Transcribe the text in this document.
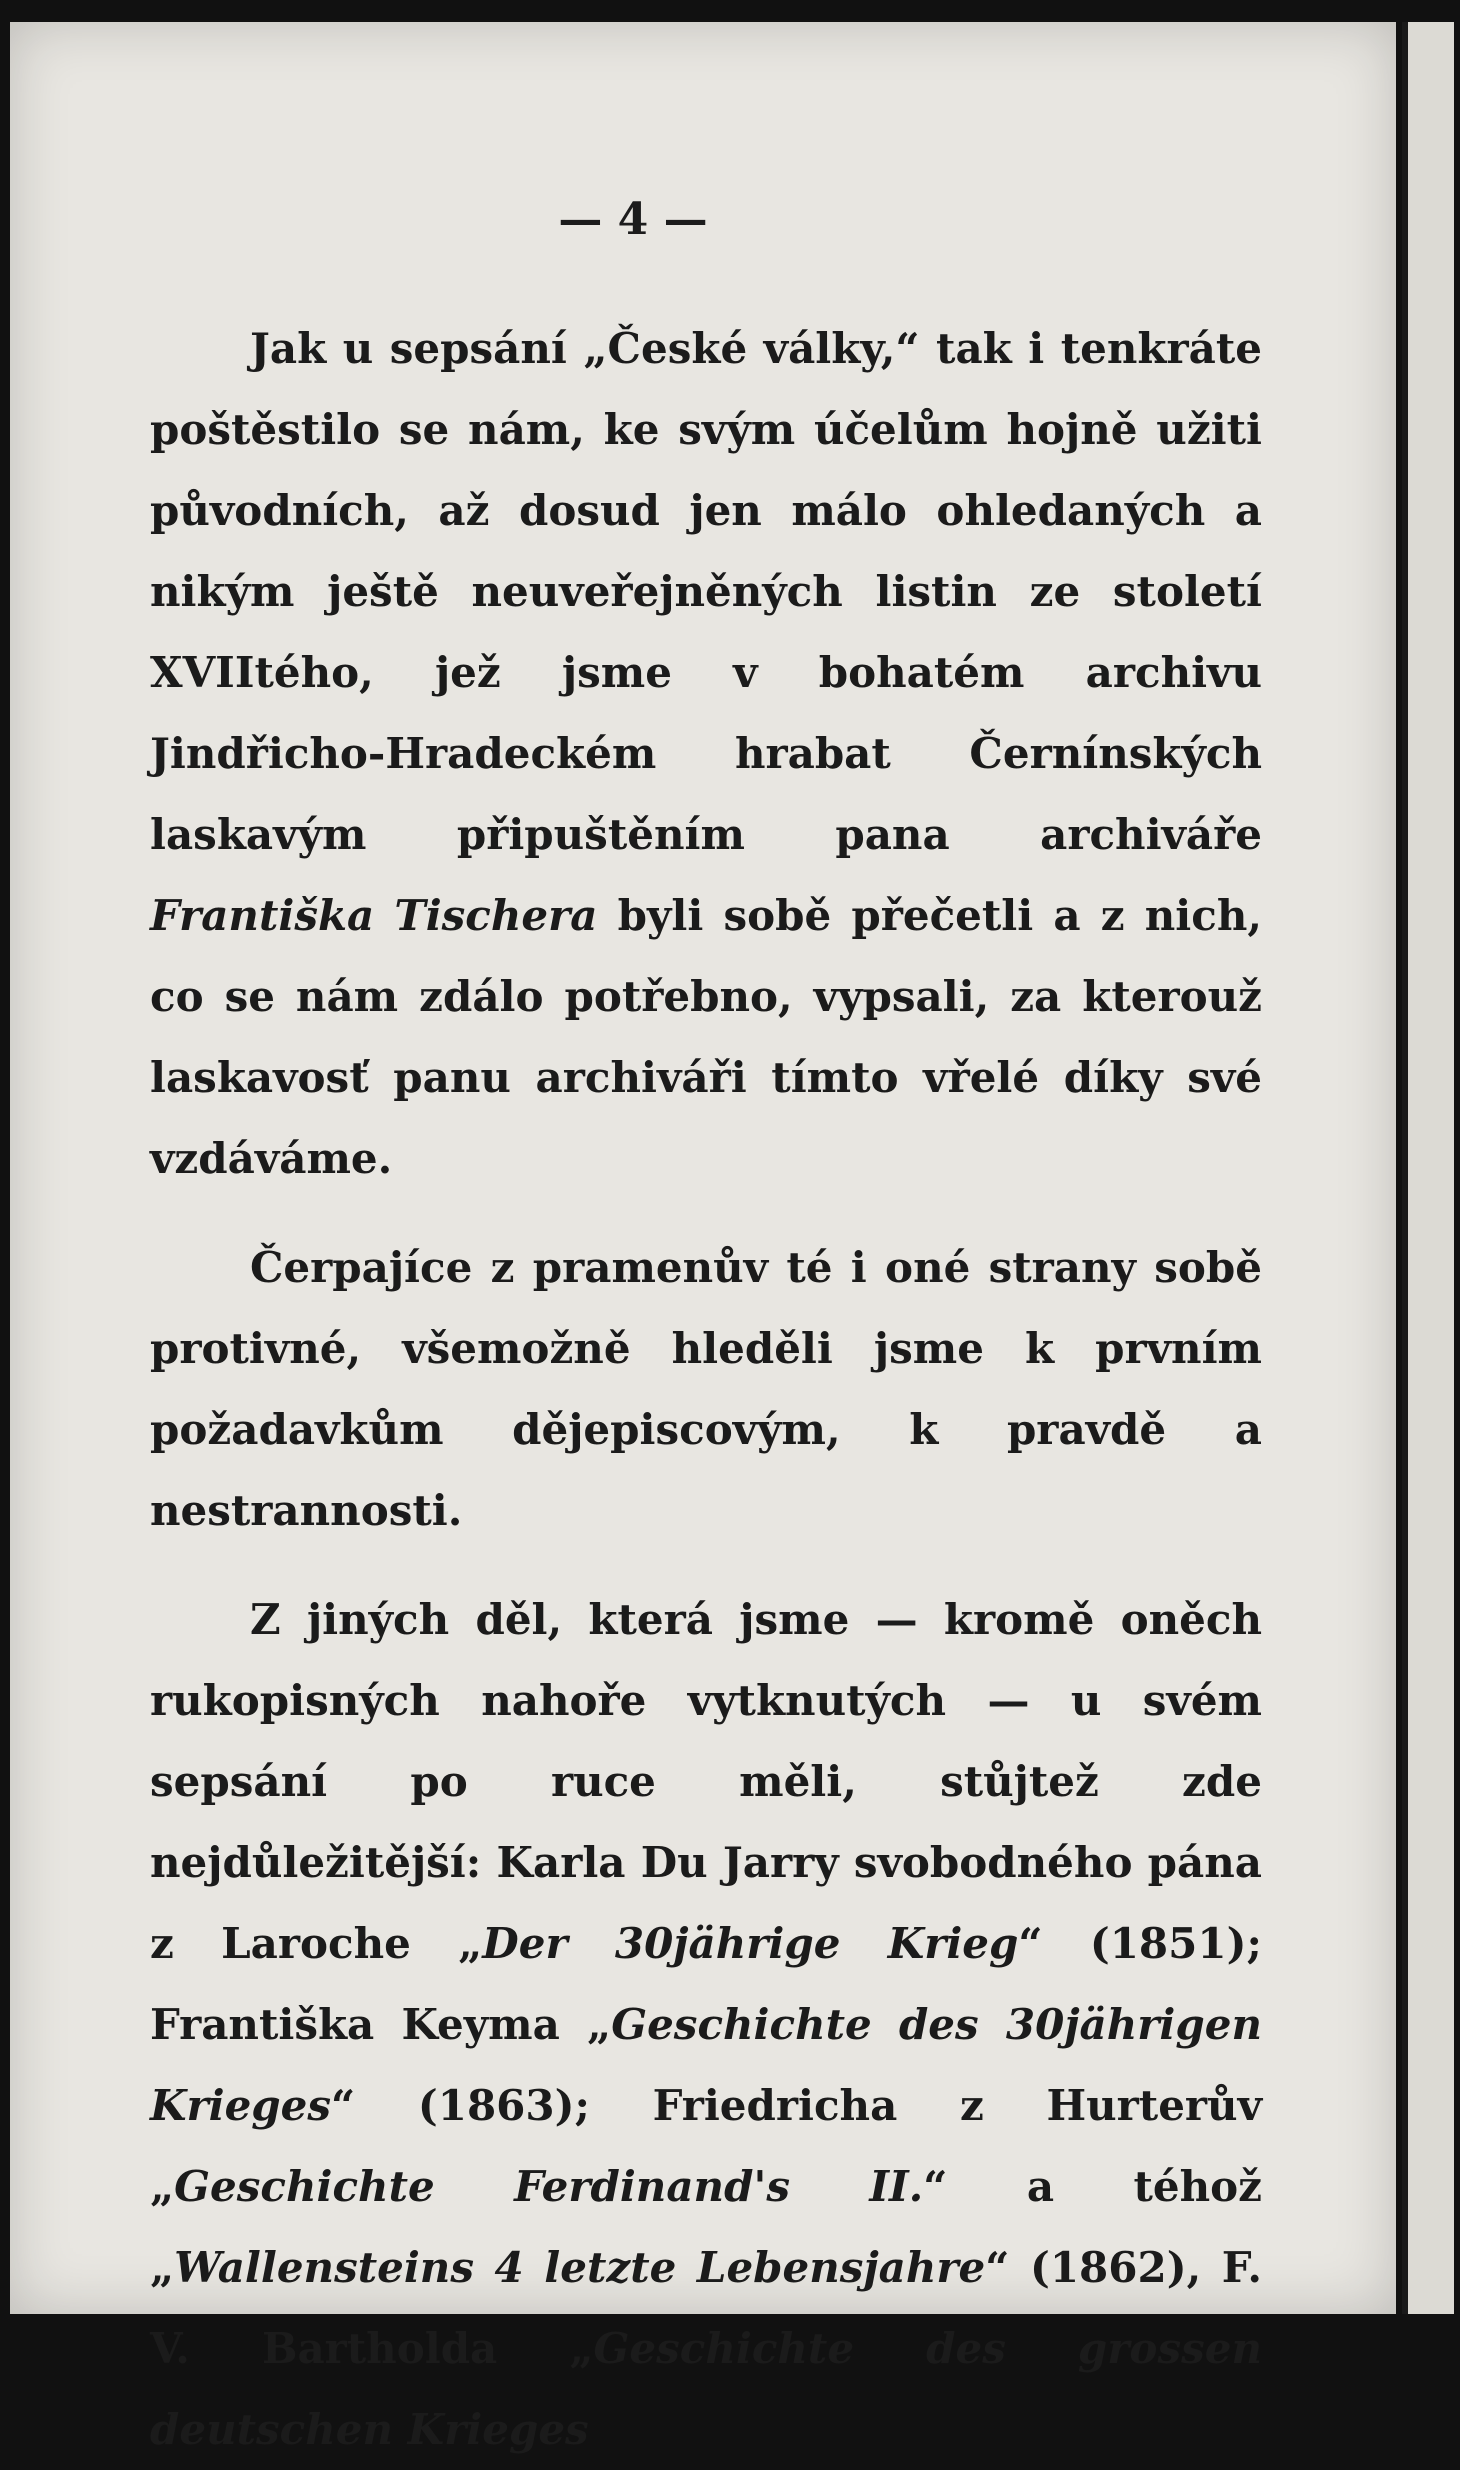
— 4 —

Jak u sepsání „České války,“ tak i tenkráte poštěstilo se nám, ke svým účelům hojně užiti původních, až dosud jen málo ohledaných a nikým ještě neuveřejněných listin ze století XVIItého, jež jsme v bohatém archivu Jindřicho-Hradeckém hrabat Černínských laskavým připuštěním pana archiváře Františka Tischera byli sobě přečetli a z nich, co se nám zdálo potřebno, vypsali, za kterouž laskavosť panu archiváři tímto vřelé díky své vzdáváme.

Čerpajíce z pramenův té i oné strany sobě protivné, všemožně hleděli jsme k prvním požadavkům dějepiscovým, k pravdě a nestrannosti.

Z jiných děl, která jsme — kromě oněch rukopisných nahoře vytknutých — u svém sepsání po ruce měli, stůjtež zde nejdůležitější: Karla Du Jarry svobodného pána z Laroche „Der 30jährige Krieg“ (1851); Františka Keyma „Geschichte des 30jährigen Krieges“ (1863); Friedricha z Hurterův „Geschichte Ferdinand's II.“ a téhož „Wallensteins 4 letzte Lebensjahre“ (1862), F. V. Bartholda „Geschichte des grossen deutschen Krieges
